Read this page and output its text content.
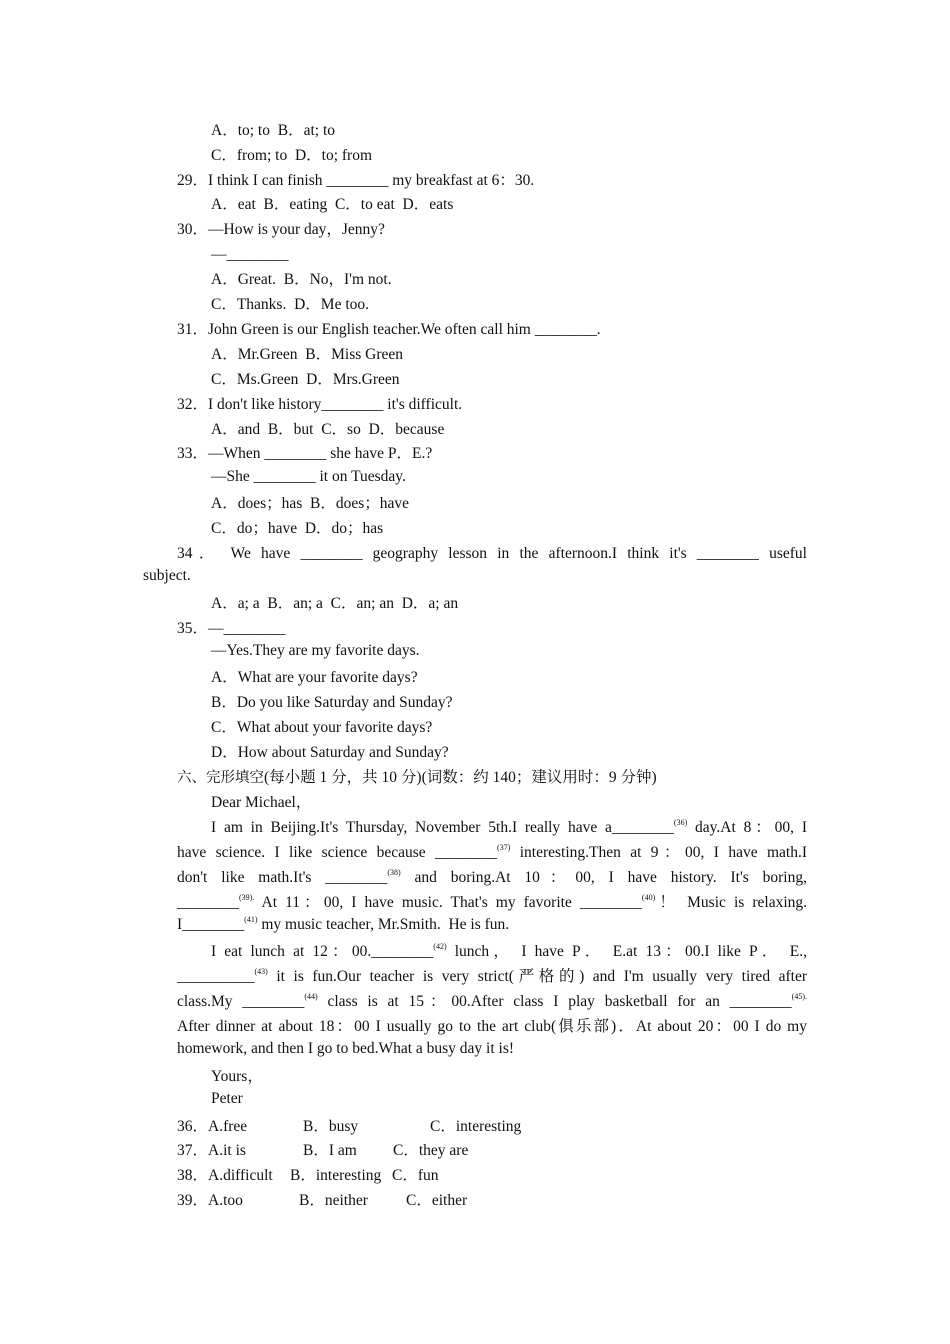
A．to; to  B．at; to
C．from; to  D．to; from
29．I think I can finish ________ my breakfast at 6：30.
A．eat  B．eating  C．to eat  D．eats
30．—How is your day，Jenny?
—________
A．Great.  B．No，I'm not.
C．Thanks.  D．Me too.
31．John Green is our English teacher.We often call him ________.
A．Mr.Green  B．Miss Green
C．Ms.Green  D．Mrs.Green
32．I don't like history________ it's difficult.
A．and  B．but  C．so  D．because
33．—When ________ she have P．E.?
—She ________ it on Tuesday.
A．does；has  B．does；have
C．do；have  D．do；has
34． We have ________ geography lesson in the afternoon.I think it's ________ useful
subject.
A．a; a  B．an; a  C．an; an  D．a; an
35．—________
—Yes.They are my favorite days.
A．What are your favorite days?
B．Do you like Saturday and Sunday?
C．What about your favorite days?
D．How about Saturday and Sunday?
六、完形填空(每小题 1 分，共 10 分)(词数：约 140；建议用时：9 分钟)
Dear Michael，
I am in Beijing.It's Thursday, November 5th.I really have a________$^{(36)}$ day.At 8：00, I
have science. I like science because ________$^{(37)}$ interesting.Then at 9：00, I have math.I
don't like math.It's ________$^{(38)}$ and boring.At 10：00, I have history. It's boring,
________$^{(39).}$ At 11：00, I have music. That's my favorite ________$^{(40)}$！ Music is relaxing.
I________$^{(41)}$ my music teacher, Mr.Smith.  He is fun.
I eat lunch at 12：00.________$^{(42)}$ lunch， I have P． E.at 13：00.I like P． E.,
__________$^{(43)}$ it is fun.Our teacher is very strict(严格的) and I'm usually very tired after
class.My ________$^{(44)}$ class is at 15：00.After class I play basketball for an ________$^{(45).}$
After dinner at about 18：00 I usually go to the art club(俱乐部)．At about 20：00 I do my
homework, and then I go to bed.What a busy day it is!
Yours，
Peter
36．A.free	B．busy	C．interesting
37．A.it is	B．I am C．they are
38．A.difficult B．interesting C．fun
39．A.too	B．neither C．either
